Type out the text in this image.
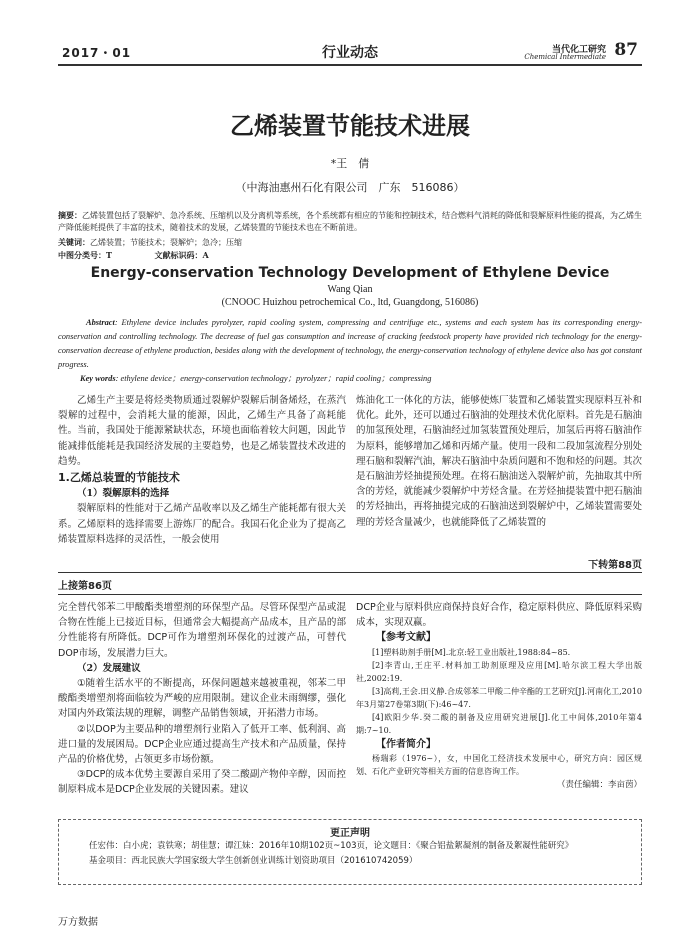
2017・01	行业动态	当代化工研究
Chemical Intermediate 87
乙烯装置节能技术进展
*王　倩
（中海油惠州石化有限公司　广东　516086）
摘要：乙烯装置包括了裂解炉、急冷系统、压缩机以及分离机等系统，各个系统都有相应的节能和控制技术，结合燃料气消耗的降低和裂解原料性能的提高，为乙烯生产降低能耗提供了丰富的技术，随着技术的发展，乙烯装置的节能技术也在不断前进。
关键词：乙烯装置；节能技术；裂解炉；急冷；压缩
中图分类号：T	文献标识码：A
Energy-conservation Technology Development of Ethylene Device
Wang Qian
(CNOOC Huizhou petrochemical Co., ltd, Guangdong, 516086)
Abstract: Ethylene device includes pyrolyzer, rapid cooling system, compressing and centrifuge etc., systems and each system has its corresponding energy-conservation and controlling technology. The decrease of fuel gas consumption and increase of cracking feedstock property have provided rich technology for the energy-conservation decrease of ethylene production, besides along with the development of technology, the energy-conservation technology of ethylene device also has got constant progress.
Key words: ethylene device；energy-conservation technology；pyrolyzer；rapid cooling；compressing

乙烯生产主要是将烃类物质通过裂解炉裂解后制备烯烃，在蒸汽裂解的过程中，会消耗大量的能源，因此，乙烯生产具备了高耗能性。当前，我国处于能源紧缺状态，环境也面临着较大问题，因此节能减排低能耗是我国经济发展的主要趋势，也是乙烯装置技术改进的趋势。

1.乙烯总装置的节能技术
（1）裂解原料的选择

裂解原料的性能对于乙烯产品收率以及乙烯生产能耗都有很大关系。乙烯原料的选择需要上游炼厂的配合。我国石化企业为了提高乙烯装置原料选择的灵活性，一般会使用

炼油化工一体化的方法，能够使炼厂装置和乙烯装置实现原料互补和优化。此外，还可以通过石脑油的处理技术优化原料。首先是石脑油的加氢预处理，石脑油经过加氢装置预处理后，加氢后再将石脑油作为原料，能够增加乙烯和丙烯产量。使用一段和二段加氢流程分别处理石脑和裂解汽油，解决石脑油中杂质问题和不饱和烃的问题。其次是石脑油芳烃抽提预处理。在将石脑油送入裂解炉前，先抽取其中所含的芳烃，就能减少裂解炉中芳烃含量。在芳烃抽提装置中把石脑油的芳烃抽出，再将抽提完成的石脑油送到裂解炉中，乙烯装置需要处理的芳烃含量减少，也就能降低了乙烯装置的

下转第88页
上接第86页

完全替代邻苯二甲酸酯类增塑剂的环保型产品。尽管环保型产品或混合物在性能上已接近目标，但通常会大幅提高产品成本，且产品的部分性能将有所降低。DCP可作为增塑剂环保化的过渡产品，可替代DOP市场，发展潜力巨大。

（2）发展建议

①随着生活水平的不断提高，环保问题越来越被重视，邻苯二甲酸酯类增塑剂将面临较为严峻的应用限制。建议企业未雨绸缪，强化对国内外政策法规的理解，调整产品销售领域，开拓潜力市场。

②以DOP为主要品种的增塑剂行业陷入了低开工率、低利润、高进口量的发展困局。DCP企业应通过提高生产技术和产品质量，保持产品的价格优势，占领更多市场份额。

③DCP的成本优势主要源自采用了癸二酸副产物仲辛醇，因而控制原料成本是DCP企业发展的关键因素。建议

DCP企业与原料供应商保持良好合作，稳定原料供应、降低原料采购成本，实现双赢。

【参考文献】

[1]塑料助剂手册[M].北京:轻工业出版社,1988:84~85.

[2]李青山,王庄平.材料加工助剂原理及应用[M].哈尔滨工程大学出版社,2002:19.

[3]高莉,王会.田义静.合成邻苯二甲酸二仲辛酯的工艺研究[J].河南化工,2010年3月第27卷第3期(下):46~47.

[4]欧阳少华.癸二酸的制备及应用研究进展[J].化工中间体,2010年第4期:7~10.

【作者简介】

杨瑞彩（1976~），女，中国化工经济技术发展中心，研究方向：园区规划、石化产业研究等相关方面的信息咨询工作。

（责任编辑：李亩茵）
更正声明
任宏伟：白小虎；袁铁寒；胡佳慧；谭江妹：2016年10期102页~103页，论文题目：《聚合铝盐絮凝剂的制备及絮凝性能研究》
基金项目：西北民族大学国家级大学生创新创业训练计划资助项目（201610742059）
万方数据
